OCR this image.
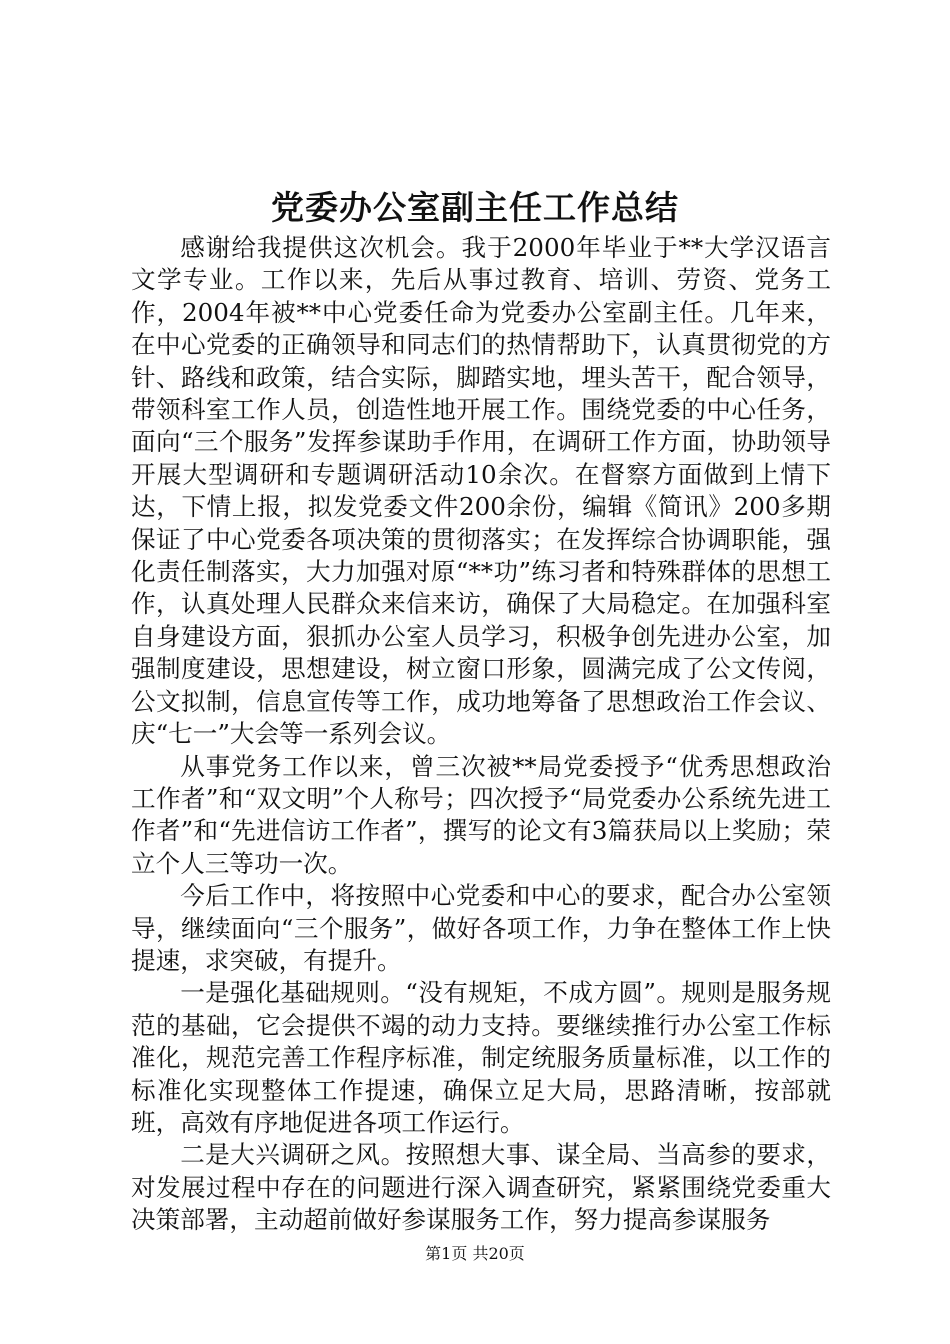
党委办公室副主任工作总结

感谢给我提供这次机会。我于2000年毕业于**大学汉语言文学专业。工作以来，先后从事过教育、培训、劳资、党务工作，2004年被**中心党委任命为党委办公室副主任。几年来，在中心党委的正确领导和同志们的热情帮助下，认真贯彻党的方针、路线和政策，结合实际，脚踏实地，埋头苦干，配合领导，带领科室工作人员，创造性地开展工作。围绕党委的中心任务，面向“三个服务”发挥参谋助手作用，在调研工作方面，协助领导开展大型调研和专题调研活动10余次。在督察方面做到上情下达，下情上报，拟发党委文件200余份，编辑《简讯》200多期保证了中心党委各项决策的贯彻落实；在发挥综合协调职能，强化责任制落实，大力加强对原“**功”练习者和特殊群体的思想工作，认真处理人民群众来信来访，确保了大局稳定。在加强科室自身建设方面，狠抓办公室人员学习，积极争创先进办公室，加强制度建设，思想建设，树立窗口形象，圆满完成了公文传阅，公文拟制，信息宣传等工作，成功地筹备了思想政治工作会议、庆“七一”大会等一系列会议。

从事党务工作以来，曾三次被**局党委授予“优秀思想政治工作者”和“双文明”个人称号；四次授予“局党委办公系统先进工作者”和“先进信访工作者”，撰写的论文有3篇获局以上奖励；荣立个人三等功一次。

今后工作中，将按照中心党委和中心的要求，配合办公室领导，继续面向“三个服务”，做好各项工作，力争在整体工作上快提速，求突破，有提升。

一是强化基础规则。“没有规矩，不成方圆”。规则是服务规范的基础，它会提供不竭的动力支持。要继续推行办公室工作标准化，规范完善工作程序标准，制定统服务质量标准，以工作的标准化实现整体工作提速，确保立足大局，思路清晰，按部就班，高效有序地促进各项工作运行。

二是大兴调研之风。按照想大事、谋全局、当高参的要求，对发展过程中存在的问题进行深入调查研究，紧紧围绕党委重大决策部署，主动超前做好参谋服务工作，努力提高参谋服务

第1页 共20页
